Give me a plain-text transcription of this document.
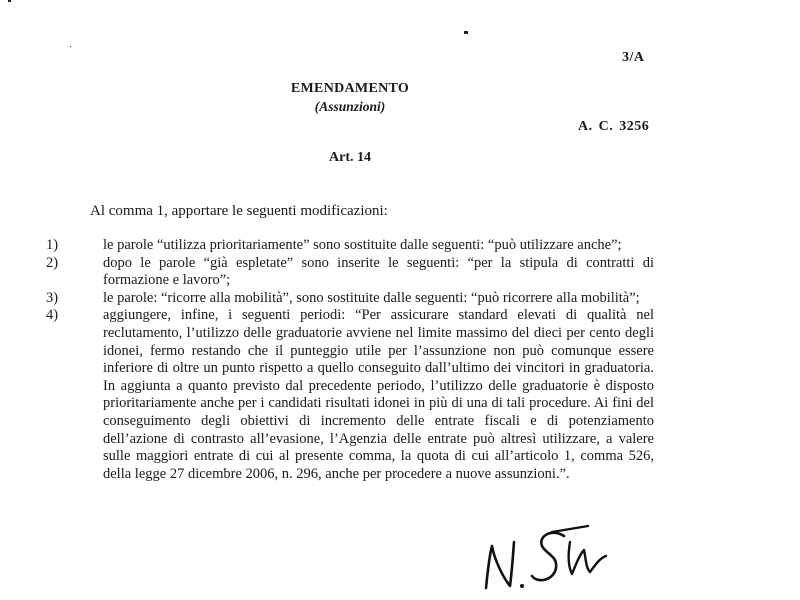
3/A
EMENDAMENTO
(Assunzioni)
A. C. 3256
Art. 14
Al comma 1, apportare le seguenti modificazioni:
1)	le parole “utilizza prioritariamente” sono sostituite dalle seguenti: “può utilizzare anche”;
2)	dopo le parole “già espletate” sono inserite le seguenti: “per la stipula di contratti di formazione e lavoro”;
3)	le parole: “ricorre alla mobilità”, sono sostituite dalle seguenti: “può ricorrere alla mobilità”;
4)	aggiungere, infine, i seguenti periodi: “Per assicurare standard elevati di qualità nel reclutamento, l’utilizzo delle graduatorie avviene nel limite massimo del dieci per cento degli idonei, fermo restando che il punteggio utile per l’assunzione non può comunque essere inferiore di oltre un punto rispetto a quello conseguito dall’ultimo dei vincitori in graduatoria. In aggiunta a quanto previsto dal precedente periodo, l’utilizzo delle graduatorie è disposto prioritariamente anche per i candidati risultati idonei in più di una di tali procedure. Ai fini del conseguimento degli obiettivi di incremento delle entrate fiscali e di potenziamento dell’azione di contrasto all’evasione, l’Agenzia delle entrate può altresì utilizzare, a valere sulle maggiori entrate di cui al presente comma, la quota di cui all’articolo 1, comma 526, della legge 27 dicembre 2006, n. 296, anche per procedere a nuove assunzioni.”.
